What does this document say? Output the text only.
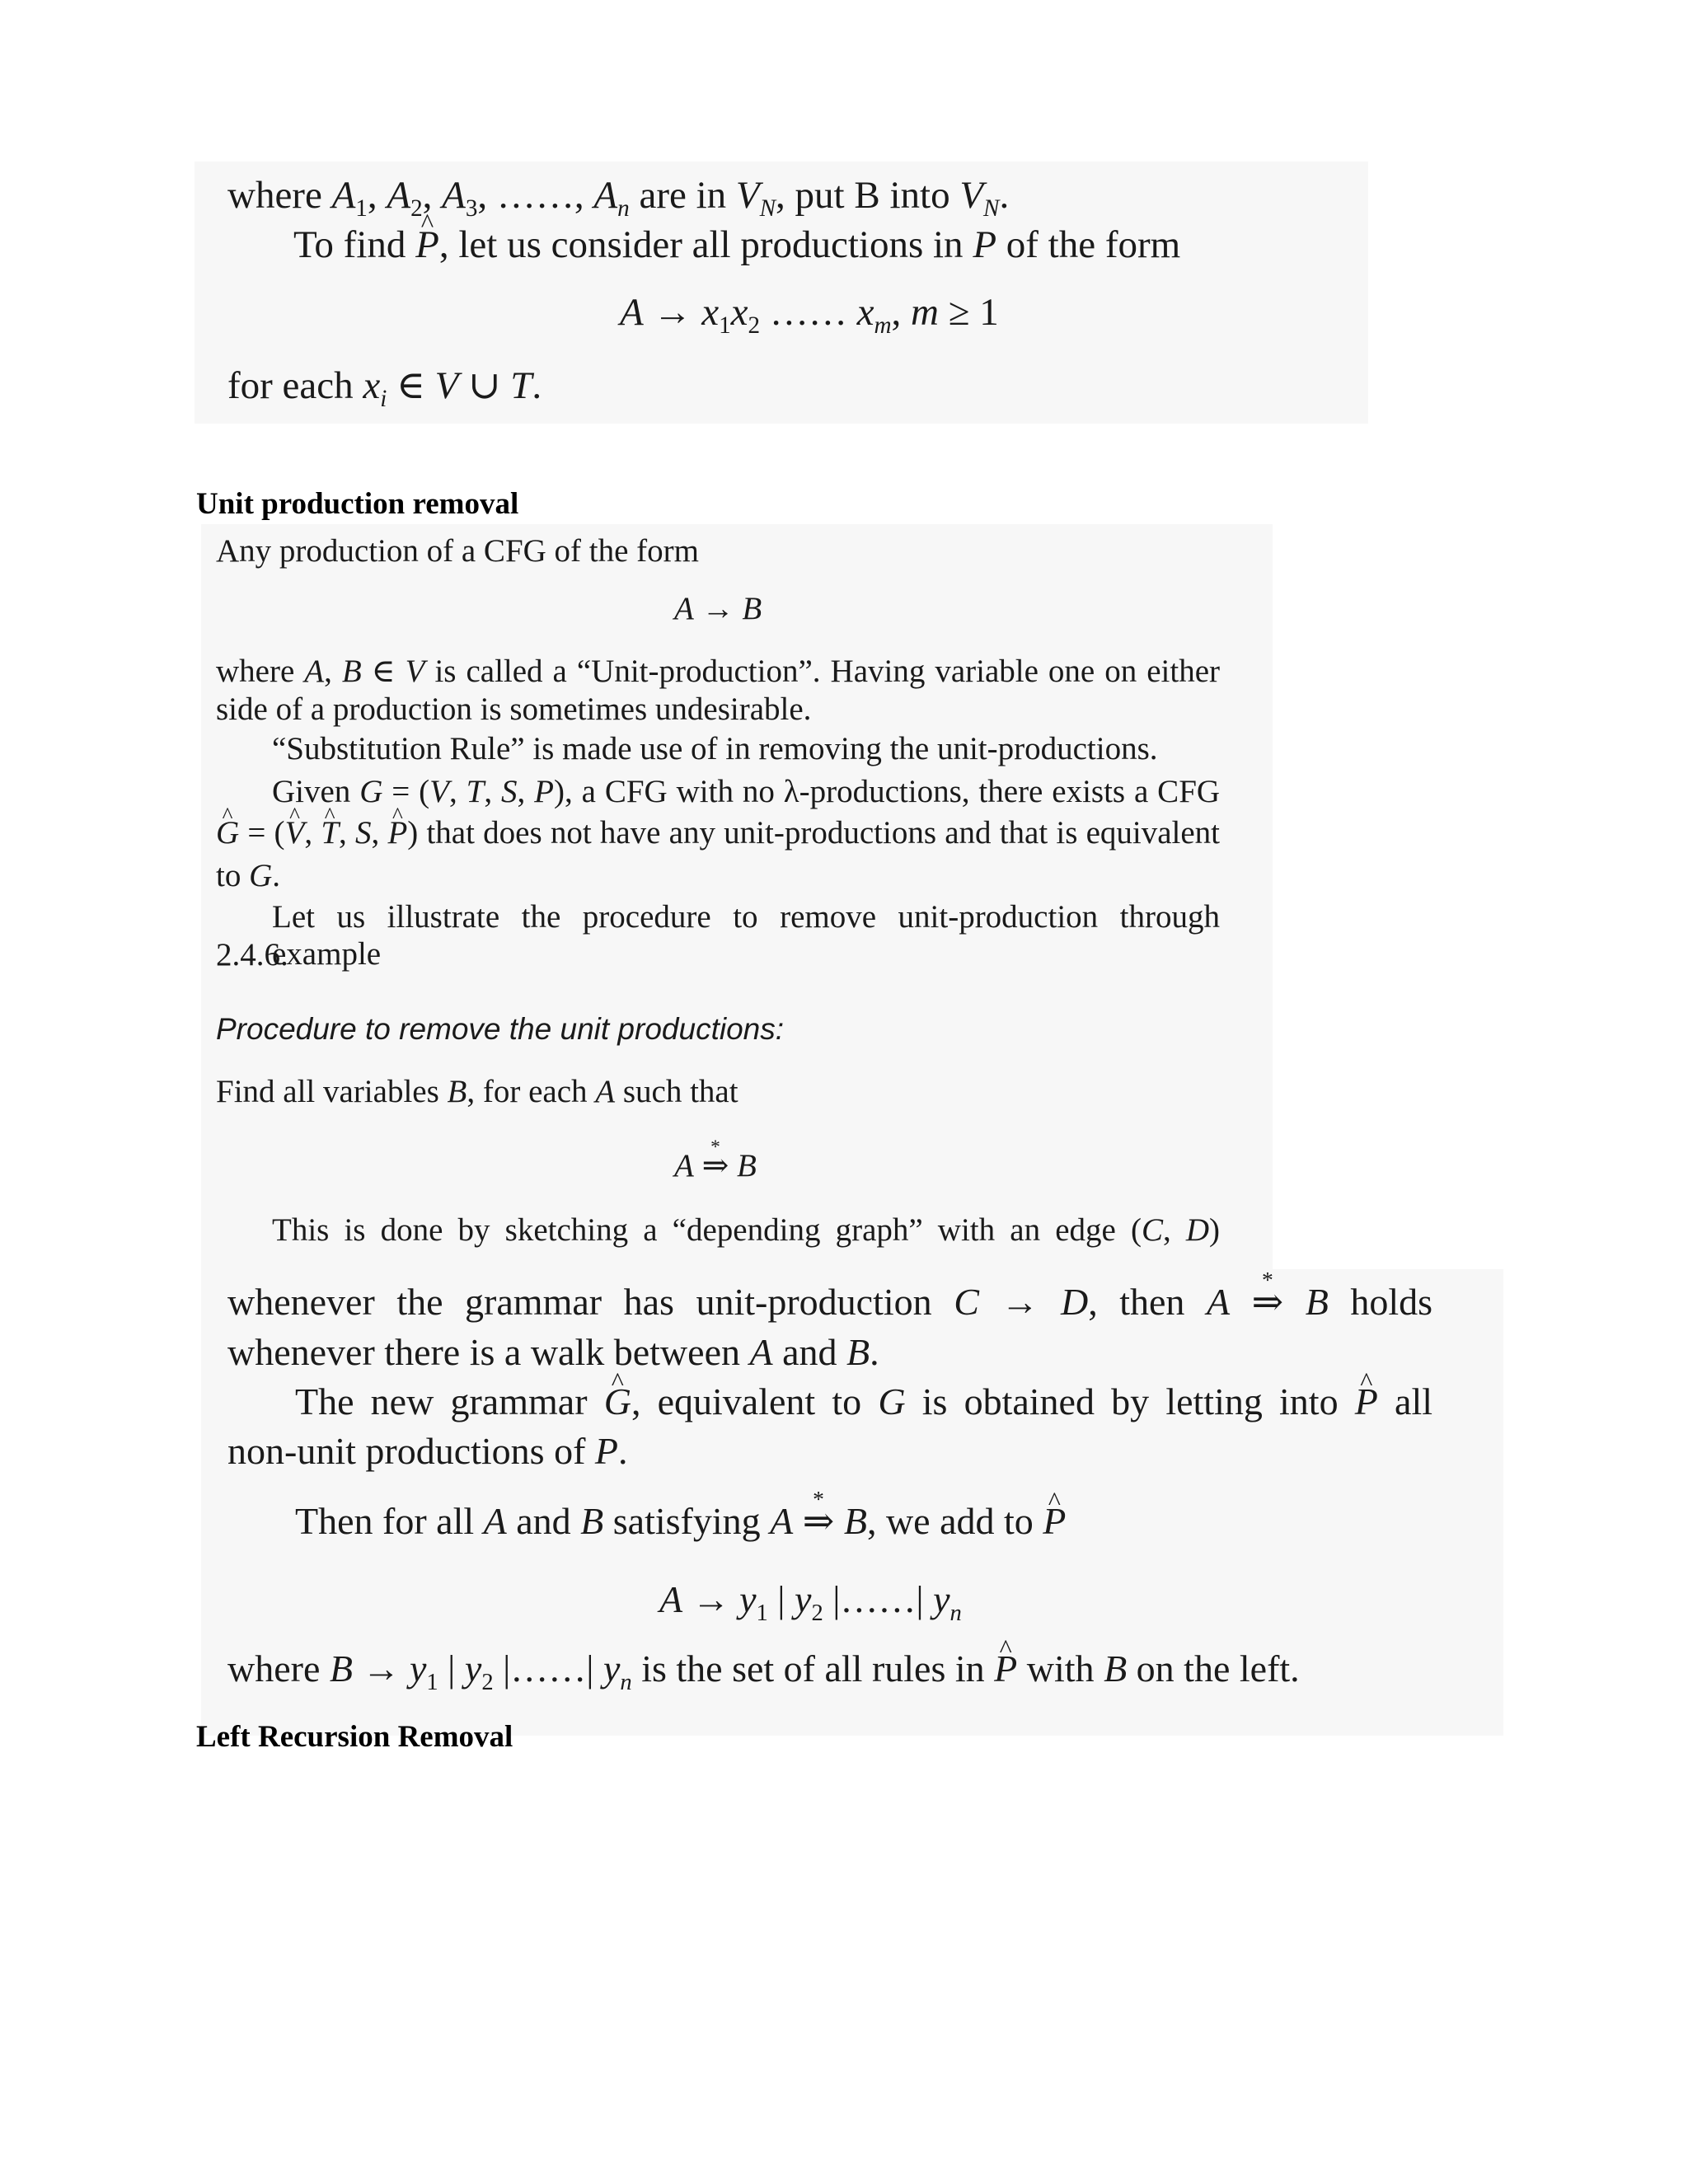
where $A_1$, $A_2$, $A_3$, ……, $A_n$ are in $V_N$, put B into $V_N$.
To find ^ P, let us consider all productions in P of the form
$A \to x_1x_2$ …… $x_m$, m ≥ 1
for each $x_i$ ∈ V ∪ T.
Unit production removal
Any production of a CFG of the form
A → B
where A, B ∈ V is called a “Unit-production”. Having variable one on either
side of a production is sometimes undesirable.
“Substitution Rule” is made use of in removing the unit-productions.
Given G = (V, T, S, P), a CFG with no λ-productions, there exists a CFG
^ G = (^ V, ^ T, S, ^ P) that does not have any unit-productions and that is equivalent
to G.
Let us illustrate the procedure to remove unit-production through example
2.4.6.
Procedure to remove the unit productions:
Find all variables B, for each A such that
A * ⇒ B
This is done by sketching a “depending graph” with an edge (C, D)
whenever the grammar has unit-production C → D, then A * ⇒ B holds
whenever there is a walk between A and B.
The new grammar ^ G, equivalent to G is obtained by letting into ^ P all
non-unit productions of P.
Then for all A and B satisfying A * ⇒ B, we add to ^ P
$A \to y_1$ | $y_2$ |……| $y_n$
where $B \to y_1$ | $y_2$ |……| $y_n$ is the set of all rules in ^ P with B on the left.
Left Recursion Removal
